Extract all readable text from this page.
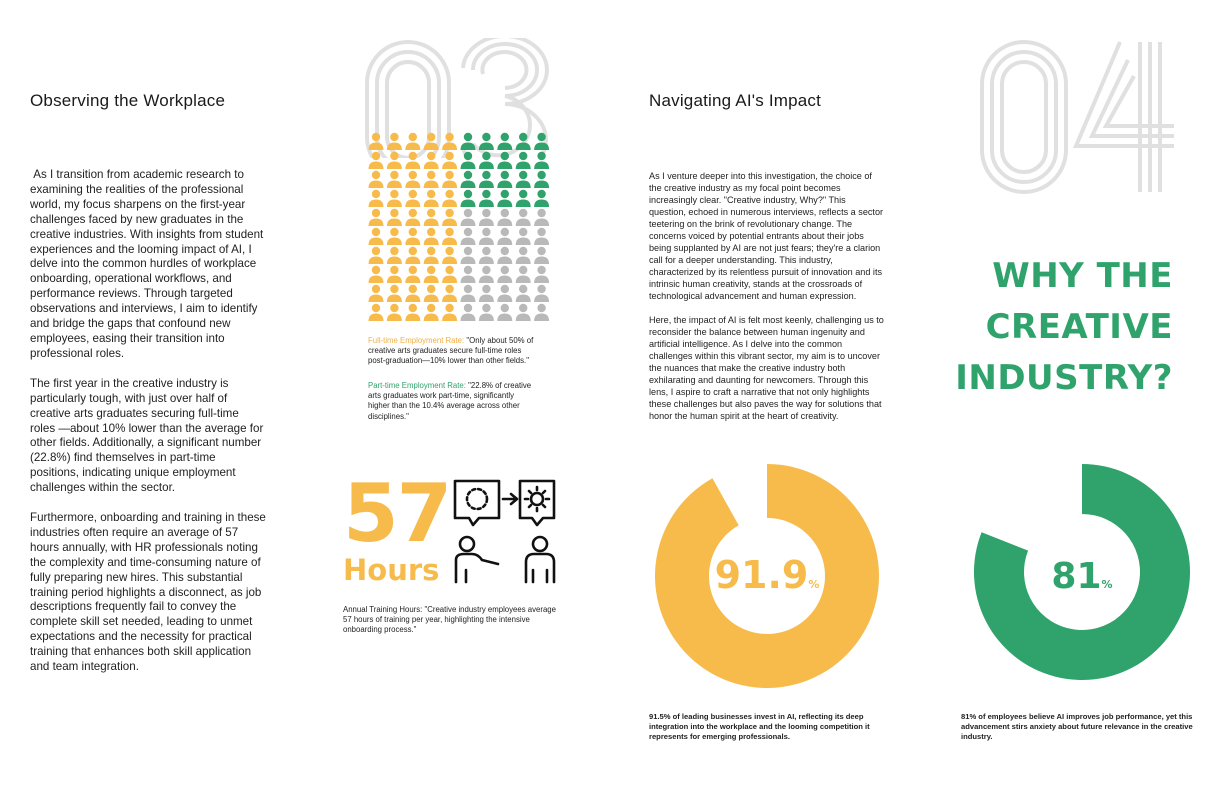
Observing the Workplace

As I transition from academic research to examining the realities of the professional world, my focus sharpens on the first-year challenges faced by new graduates in the creative industries. With insights from student experiences and the looming impact of AI, I delve into the common hurdles of workplace onboarding, operational workflows, and performance reviews. Through targeted observations and interviews, I aim to identify and bridge the gaps that confound new employees, easing their transition into professional roles.

The first year in the creative industry is particularly tough, with just over half of creative arts graduates securing full-time roles —about 10% lower than the average for other fields. Additionally, a significant number (22.8%) find themselves in part-time positions, indicating unique employment challenges within the sector.

Furthermore, onboarding and training in these industries often require an average of 57 hours annually, with HR professionals noting the complexity and time-consuming nature of fully preparing new hires. This substantial training period highlights a disconnect, as job descriptions frequently fail to convey the complete skill set needed, leading to unmet expectations and the necessity for practical training that enhances both skill application and team integration.

Full-time Employment Rate: "Only about 50% of creative arts graduates secure full-time roles post-graduation—10% lower than other fields."
Part-time Employment Rate: "22.8% of creative arts graduates work part-time, significantly higher than the 10.4% average across other disciplines."
57
Hours
Annual Training Hours: "Creative industry employees average 57 hours of training per year, highlighting the intensive onboarding process."
Navigating AI's Impact

As I venture deeper into this investigation, the choice of the creative industry as my focal point becomes increasingly clear. "Creative industry, Why?" This question, echoed in numerous interviews, reflects a sector teetering on the brink of revolutionary change. The concerns voiced by potential entrants about their jobs being supplanted by AI are not just fears; they're a clarion call for a deeper understanding. This industry, characterized by its relentless pursuit of innovation and its intrinsic human creativity, stands at the crossroads of technological advancement and human expression.

Here, the impact of AI is felt most keenly, challenging us to reconsider the balance between human ingenuity and artificial intelligence. As I delve into the common challenges within this vibrant sector, my aim is to uncover the nuances that make the creative industry both exhilarating and daunting for newcomers. Through this lens, I aspire to craft a narrative that not only highlights these challenges but also paves the way for solutions that honor the human spirit at the heart of creativity.

91.9%
91.5% of leading businesses invest in AI, reflecting its deep integration into the workplace and the looming competition it represents for emerging professionals.
WHY THE
CREATIVE
INDUSTRY?
81%
81% of employees believe AI improves job performance, yet this advancement stirs anxiety about future relevance in the creative industry.
